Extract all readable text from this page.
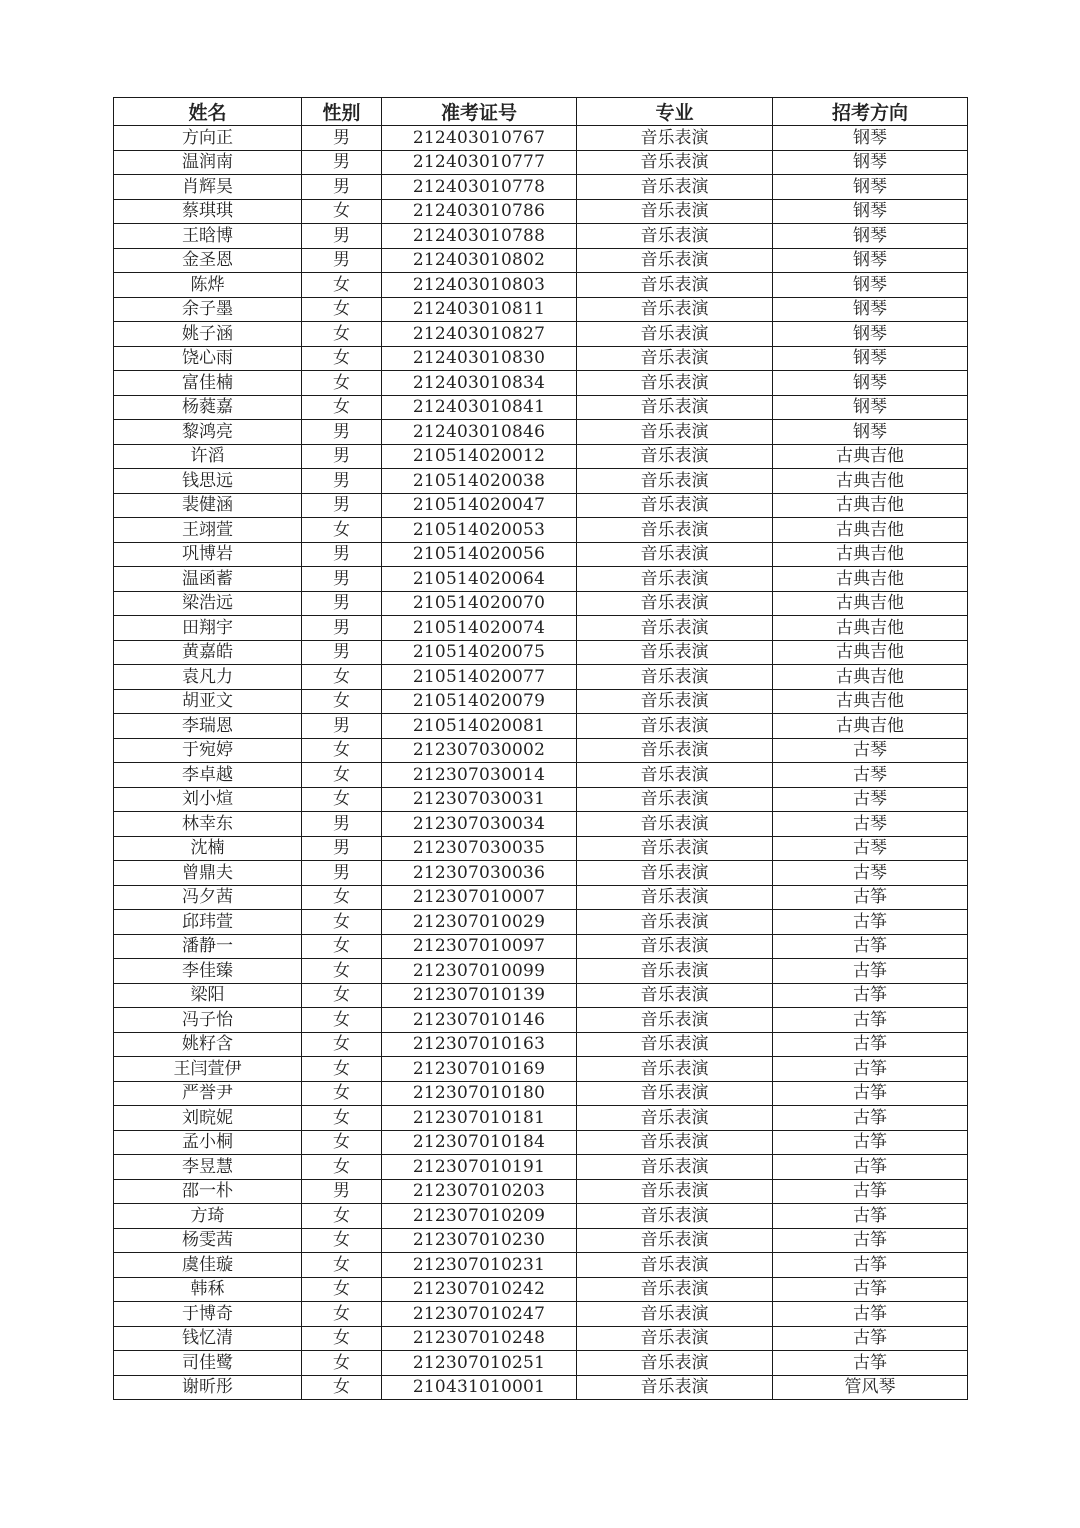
姓名	性别	准考证号	专业	招考方向
方向正	男	212403010767	音乐表演	钢琴
温润南	男	212403010777	音乐表演	钢琴
肖辉昊	男	212403010778	音乐表演	钢琴
蔡琪琪	女	212403010786	音乐表演	钢琴
王晗博	男	212403010788	音乐表演	钢琴
金圣恩	男	212403010802	音乐表演	钢琴
陈烨	女	212403010803	音乐表演	钢琴
余子墨	女	212403010811	音乐表演	钢琴
姚子涵	女	212403010827	音乐表演	钢琴
饶心雨	女	212403010830	音乐表演	钢琴
富佳楠	女	212403010834	音乐表演	钢琴
杨蕤嘉	女	212403010841	音乐表演	钢琴
黎鸿亮	男	212403010846	音乐表演	钢琴
许滔	男	210514020012	音乐表演	古典吉他
钱思远	男	210514020038	音乐表演	古典吉他
裴健涵	男	210514020047	音乐表演	古典吉他
王翊萱	女	210514020053	音乐表演	古典吉他
巩博岩	男	210514020056	音乐表演	古典吉他
温函蓄	男	210514020064	音乐表演	古典吉他
梁浩远	男	210514020070	音乐表演	古典吉他
田翔宇	男	210514020074	音乐表演	古典吉他
黄嘉皓	男	210514020075	音乐表演	古典吉他
袁凡力	女	210514020077	音乐表演	古典吉他
胡亚文	女	210514020079	音乐表演	古典吉他
李瑞恩	男	210514020081	音乐表演	古典吉他
于宛婷	女	212307030002	音乐表演	古琴
李卓越	女	212307030014	音乐表演	古琴
刘小煊	女	212307030031	音乐表演	古琴
林幸东	男	212307030034	音乐表演	古琴
沈楠	男	212307030035	音乐表演	古琴
曾鼎夫	男	212307030036	音乐表演	古琴
冯夕茜	女	212307010007	音乐表演	古筝
邱玮萱	女	212307010029	音乐表演	古筝
潘静一	女	212307010097	音乐表演	古筝
李佳臻	女	212307010099	音乐表演	古筝
梁阳	女	212307010139	音乐表演	古筝
冯子怡	女	212307010146	音乐表演	古筝
姚籽含	女	212307010163	音乐表演	古筝
王闫萱伊	女	212307010169	音乐表演	古筝
严誉尹	女	212307010180	音乐表演	古筝
刘晥妮	女	212307010181	音乐表演	古筝
孟小桐	女	212307010184	音乐表演	古筝
李昱慧	女	212307010191	音乐表演	古筝
邵一朴	男	212307010203	音乐表演	古筝
方琦	女	212307010209	音乐表演	古筝
杨雯茜	女	212307010230	音乐表演	古筝
虞佳璇	女	212307010231	音乐表演	古筝
韩秝	女	212307010242	音乐表演	古筝
于博奇	女	212307010247	音乐表演	古筝
钱忆清	女	212307010248	音乐表演	古筝
司佳鹭	女	212307010251	音乐表演	古筝
谢昕彤	女	210431010001	音乐表演	管风琴
